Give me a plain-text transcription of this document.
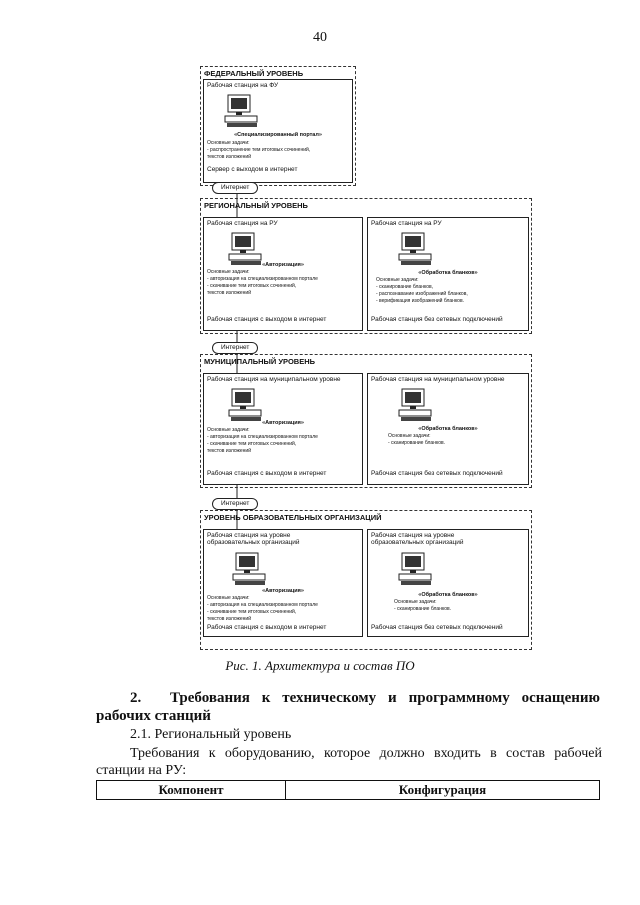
40
ФЕДЕРАЛЬНЫЙ УРОВЕНЬ
Рабочая станция на ФУ
«Специализированный портал»
Основные задачи:
- распространение тем итоговых сочинений,
текстов изложений
Сервер с выходом в интернет
Интернет
РЕГИОНАЛЬНЫЙ УРОВЕНЬ
Рабочая станция на РУ
«Авторизация»
Основные задачи:
- авторизация на специализированном портале
- скачивание тем итоговых сочинений,
текстов изложений
Рабочая станция с выходом в интернет
Рабочая станция на РУ
«Обработка бланков»
Основные задачи:
- сканирование бланков,
- распознавание изображений бланков,
- верификация изображений бланков.
Рабочая станция без сетевых подключений
Интернет
МУНИЦИПАЛЬНЫЙ УРОВЕНЬ
Рабочая станция на муниципальном уровне
«Авторизация»
Основные задачи:
- авторизация на специализированном портале
- скачивание тем итоговых сочинений,
текстов изложений
Рабочая станция с выходом в интернет
Рабочая станция на муниципальном уровне
«Обработка бланков»
Основные задачи:
- сканирование бланков.
Рабочая станция без сетевых подключений
Интернет
УРОВЕНЬ ОБРАЗОВАТЕЛЬНЫХ ОРГАНИЗАЦИЙ
Рабочая станция на уровне образовательных организаций
«Авторизация»
Основные задачи:
- авторизация на специализированном портале
- скачивание тем итоговых сочинений,
текстов изложений
Рабочая станция с выходом в интернет
Рабочая станция на уровне образовательных организаций
«Обработка бланков»
Основные задачи:
- сканирование бланков.
Рабочая станция без сетевых подключений
Рис. 1. Архитектура и состав ПО
2. Требования к техническому и программному оснащению
рабочих станций
2.1. Региональный уровень
Требования к оборудованию, которое должно входить в состав рабочей
станции на РУ:
Компонент	Конфигурация
